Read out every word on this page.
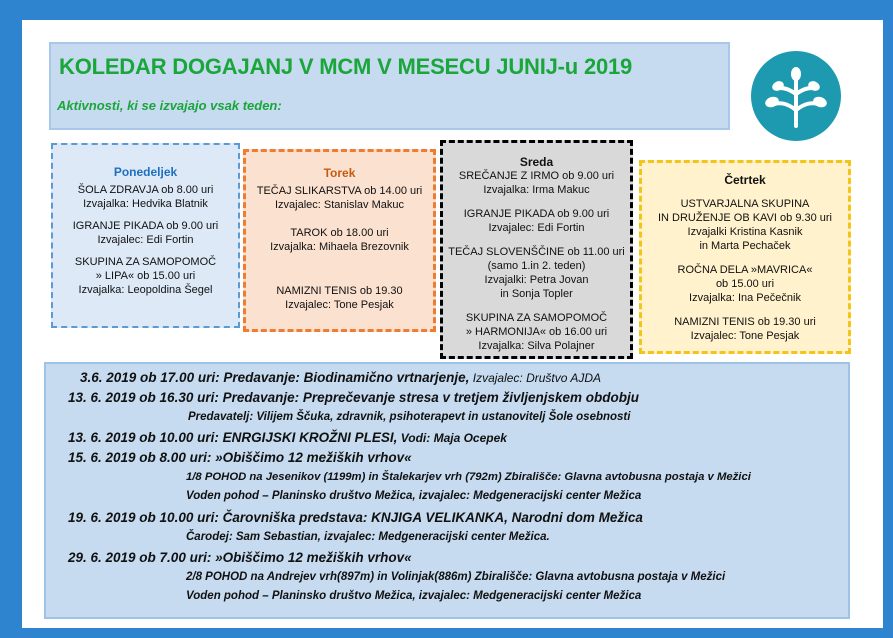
KOLEDAR DOGAJANJ V MCM V MESECU JUNIJ-u 2019

Aktivnosti, ki se izvajajo vsak teden:

Ponedeljek
ŠOLA ZDRAVJA ob 8.00 uri
Izvajalka: Hedvika Blatnik
IGRANJE PIKADA ob 9.00 uri
Izvajalec: Edi Fortin
SKUPINA ZA SAMOPOMOČ
» LIPA« ob 15.00 uri
Izvajalka: Leopoldina Šegel
Torek
TEČAJ SLIKARSTVA ob 14.00 uri
Izvajalec: Stanislav Makuc
TAROK ob 18.00 uri
Izvajalka: Mihaela Brezovnik
NAMIZNI TENIS ob 19.30
Izvajalec: Tone Pesjak
Sreda
SREČANJE Z IRMO ob 9.00 uri
Izvajalka: Irma Makuc
IGRANJE PIKADA ob 9.00 uri
Izvajalec: Edi Fortin
TEČAJ SLOVENŠČINE ob 11.00 uri
(samo 1.in 2. teden)
Izvajalki: Petra Jovan
in Sonja Topler
SKUPINA ZA SAMOPOMOČ
» HARMONIJA« ob 16.00 uri
Izvajalka: Silva Polajner
Četrtek
USTVARJALNA SKUPINA
IN DRUŽENJE OB KAVI ob 9.30 uri
Izvajalki Kristina Kasnik
in Marta Pechaček
ROČNA DELA »MAVRICA«
ob 15.00 uri
Izvajalka: Ina Pečečnik
NAMIZNI TENIS ob 19.30 uri
Izvajalec: Tone Pesjak
3.6. 2019 ob 17.00 uri: Predavanje: Biodinamično vrtnarjenje, Izvajalec: Društvo AJDA
13. 6. 2019 ob 16.30 uri: Predavanje: Preprečevanje stresa v tretjem življenjskem obdobju
Predavatelj: Vilijem Ščuka, zdravnik, psihoterapevt in ustanovitelj Šole osebnosti
13. 6. 2019 ob 10.00 uri: ENRGIJSKI KROŽNI PLESI, Vodi: Maja Ocepek
15. 6. 2019 ob 8.00 uri: »Obiščimo 12 mežiških vrhov«
1/8 POHOD na Jesenikov (1199m) in Štalekarjev vrh (792m) Zbirališče: Glavna avtobusna postaja v Mežici
Voden pohod – Planinsko društvo Mežica, izvajalec: Medgeneracijski center Mežica
19. 6. 2019 ob 10.00 uri: Čarovniška predstava: KNJIGA VELIKANKA, Narodni dom Mežica
Čarodej: Sam Sebastian, izvajalec: Medgeneracijski center Mežica.
29. 6. 2019 ob 7.00 uri: »Obiščimo 12 mežiških vrhov«
2/8 POHOD na Andrejev vrh(897m) in Volinjak(886m) Zbirališče: Glavna avtobusna postaja v Mežici
Voden pohod – Planinsko društvo Mežica, izvajalec: Medgeneracijski center Mežica
